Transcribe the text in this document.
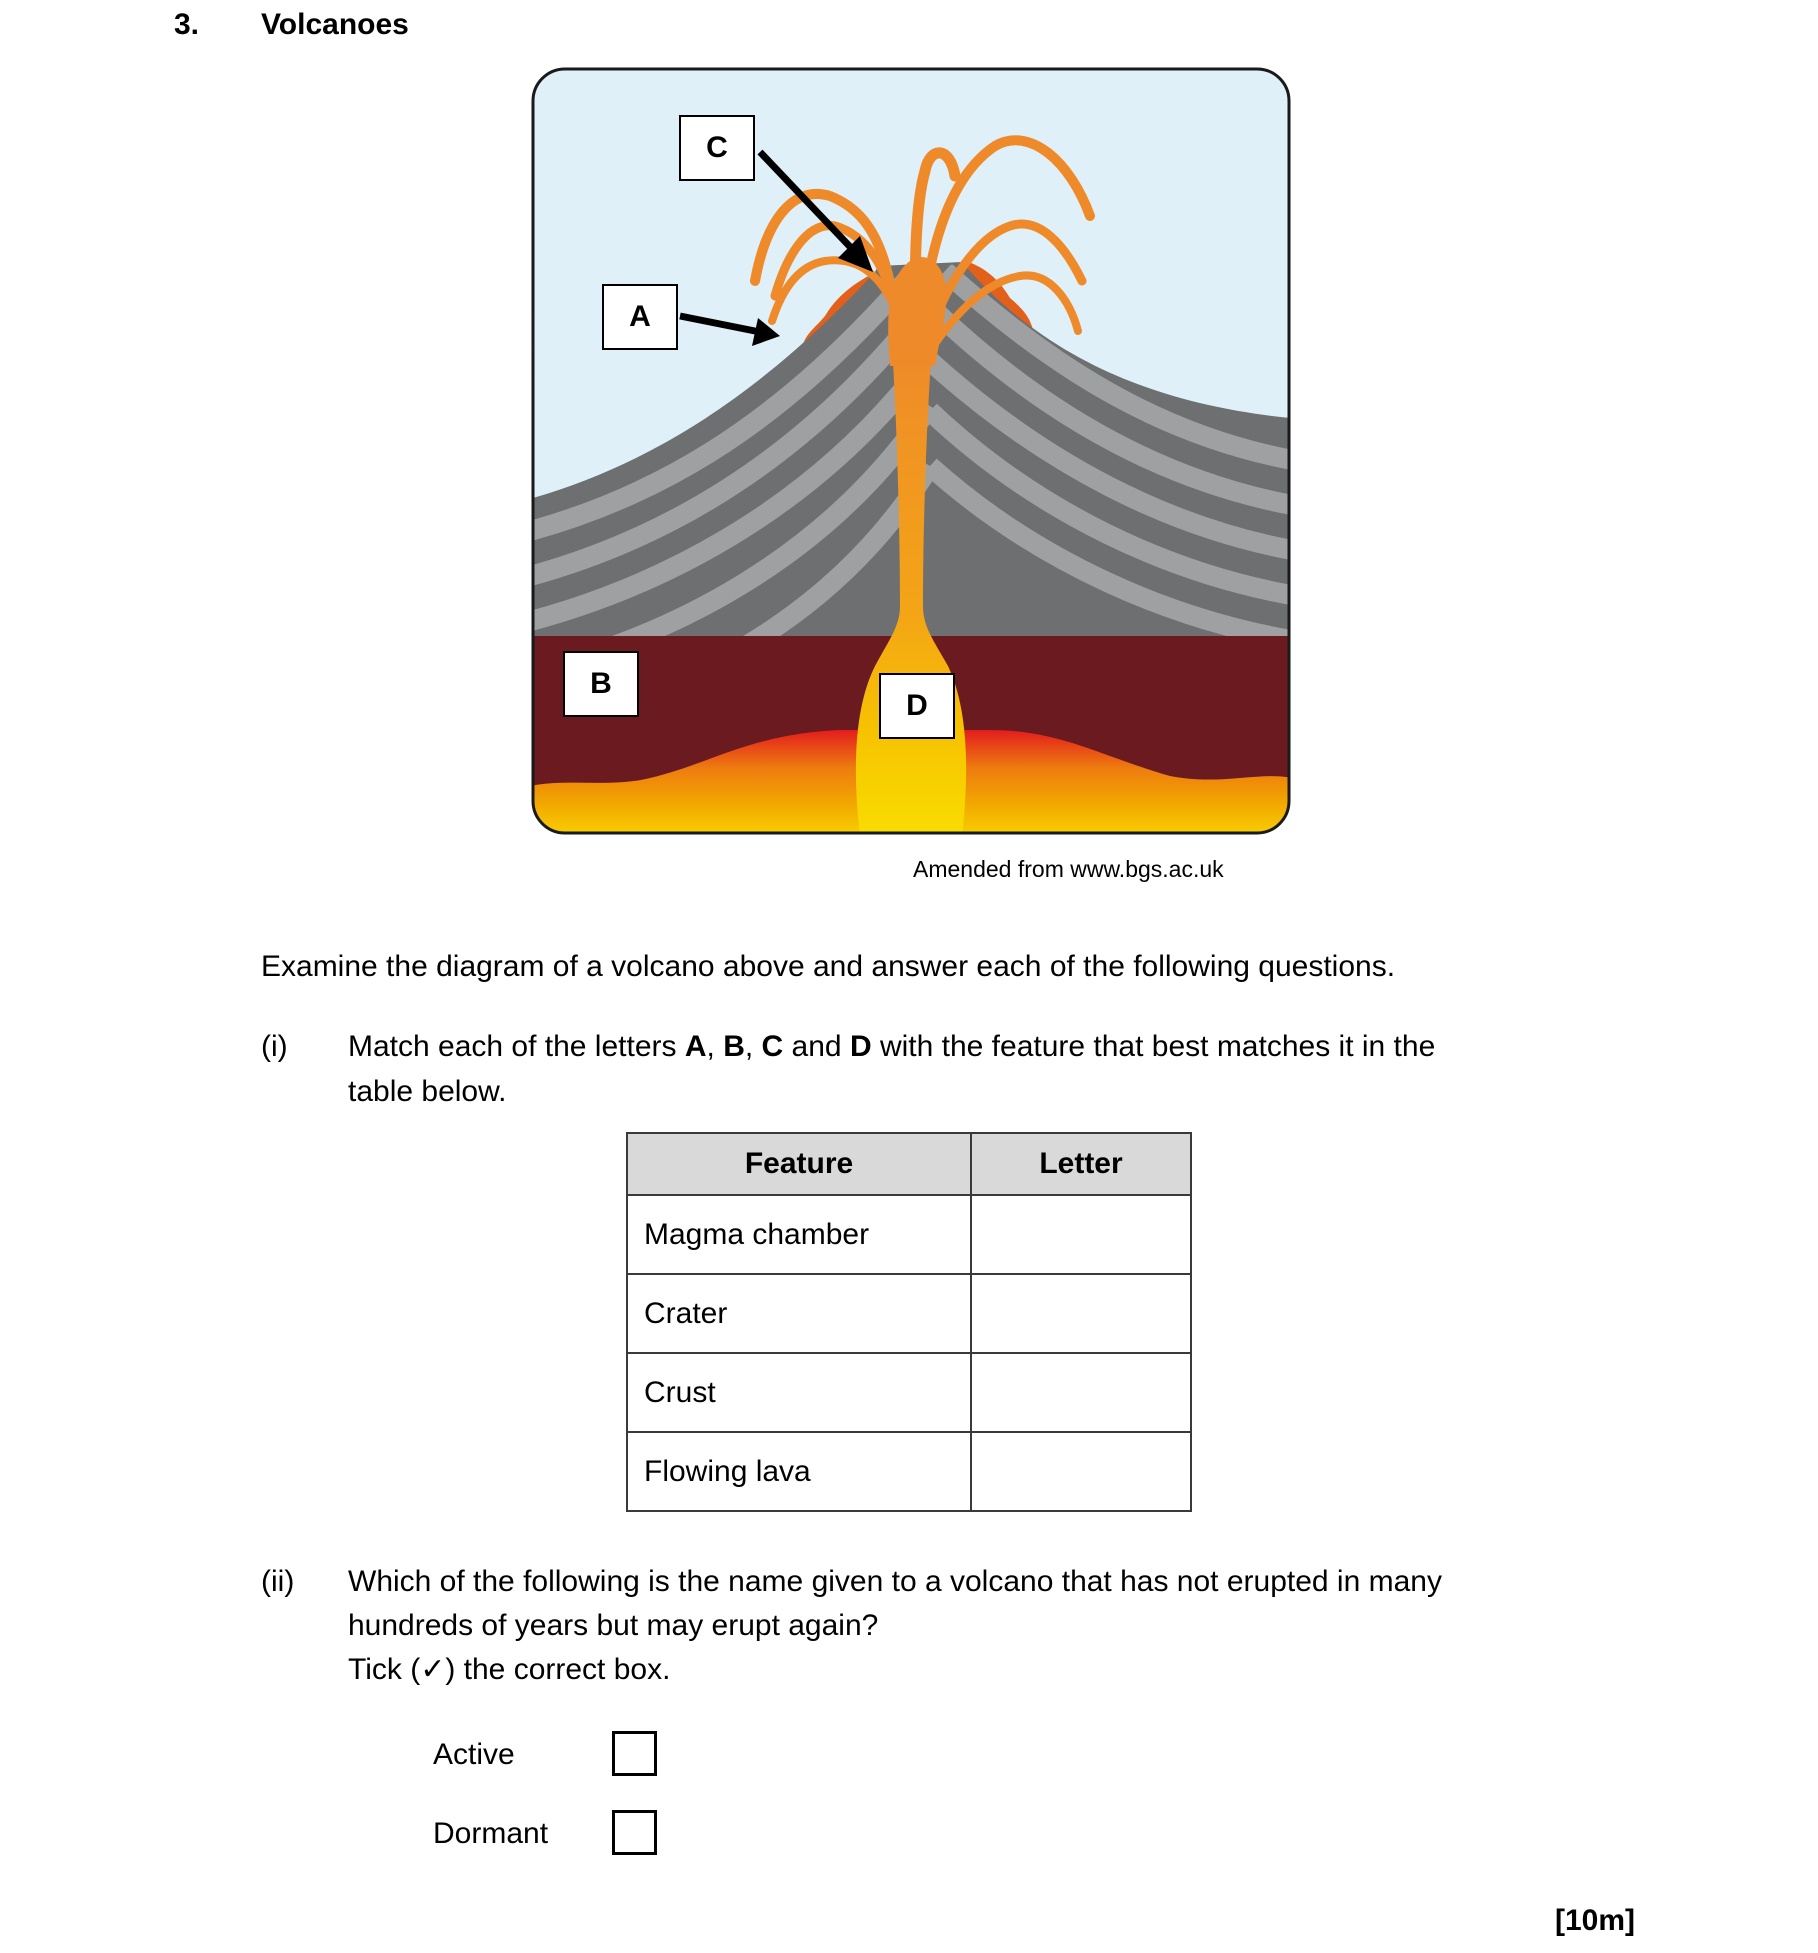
3. Volcanoes
C
A
B
D
Amended from www.bgs.ac.uk
Examine the diagram of a volcano above and answer each of the following questions.
(i) Match each of the letters A, B, C and D with the feature that best matches it in the
table below.
Feature	Letter
Magma chamber	
Crater	
Crust	
Flowing lava	
(ii) Which of the following is the name given to a volcano that has not erupted in many
hundreds of years but may erupt again?
Tick (✓) the correct box.
Active
Dormant
[10m]
